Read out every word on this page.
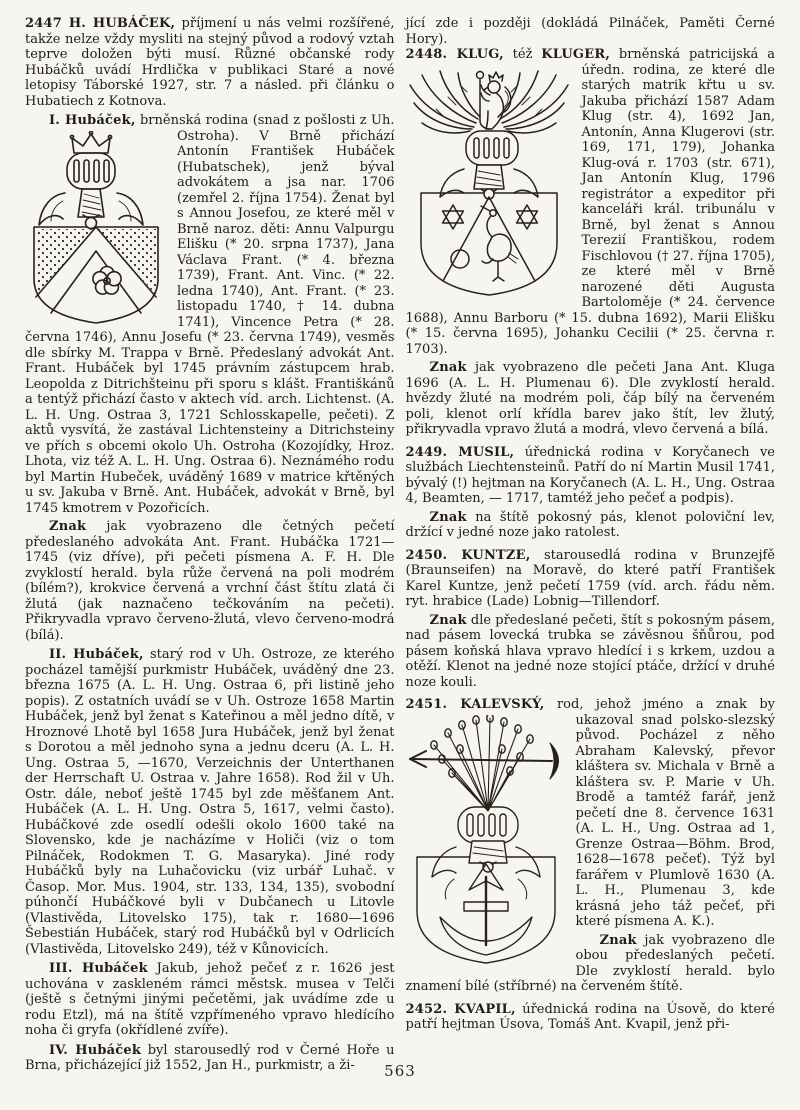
2447 H. HUBÁČEK, příjmení u nás velmi rozšířené, takže nelze vždy mysliti na stejný původ a rodový vztah teprve doložen býti musí. Různé občanské rody Hubáčků uvádí Hrdlička v publikaci Staré a nové letopisy Táborské 1927, str. 7 a násled. při článku o Hubatiech z Kotnova.

I. Hubáček, brněnská rodina (snad z pošlosti z Uh. Ostroha). V Brně přichází Antonín František Hubáček (Hubatschek), jenž býval advokátem a jsa nar. 1706 (zemřel 2. října 1754). Ženat byl s Annou Josefou, ze které měl v Brně naroz. děti: Annu Valpurgu Elišku (* 20. srpna 1737), Jana Václava Frant. (* 4. března 1739), Frant. Ant. Vinc. (* 22. ledna 1740), Ant. Frant. (* 23. listopadu 1740, † 14. dubna 1741), Vincence Petra (* 28. června 1746), Annu Josefu (* 23. června 1749), vesměs dle sbírky M. Trappa v Brně. Předeslaný advokát Ant. Frant. Hubáček byl 1745 právním zástupcem hrab. Leopolda z Ditrichšteinu při sporu s klášt. Františkánů a tentýž přichází často v aktech víd. arch. Lichtenst. (A. L. H. Ung. Ostraa 3, 1721 Schlosskapelle, pečeti). Z aktů vysvítá, že zastával Lichtensteiny a Ditrichsteiny ve přích s obcemi okolo Uh. Ostroha (Kozojídky, Hroz. Lhota, viz též A. L. H. Ung. Ostraa 6). Neznámého rodu byl Martin Hubeček, uváděný 1689 v matrice křtěných u sv. Jakuba v Brně. Ant. Hubáček, advokát v Brně, byl 1745 kmotrem v Pozořicích.

Znak jak vyobrazeno dle četných pečetí předeslaného advokáta Ant. Frant. Hubáčka 1721—1745 (viz dříve), při pečeti písmena A. F. H. Dle zvyklostí herald. byla růže červená na poli modrém (bílém?), krokvice červená a vrchní část štítu zlatá či žlutá (jak naznačeno tečkováním na pečeti). Přikryvadla vpravo červeno-žlutá, vlevo červeno-modrá (bílá).

II. Hubáček, starý rod v Uh. Ostroze, ze kterého pocházel tamější purkmistr Hubáček, uváděný dne 23. března 1675 (A. L. H. Ung. Ostraa 6, při listině jeho popis). Z ostatních uvádí se v Uh. Ostroze 1658 Martin Hubáček, jenž byl ženat s Kateřinou a měl jedno dítě, v Hroznové Lhotě byl 1658 Jura Hubáček, jenž byl ženat s Dorotou a měl jednoho syna a jednu dceru (A. L. H. Ung. Ostraa 5, —1670, Verzeichnis der Unterthanen der Herrschaft U. Ostraa v. Jahre 1658). Rod žil v Uh. Ostr. dále, neboť ještě 1745 byl zde měšťanem Ant. Hubáček (A. L. H. Ung. Ostra 5, 1617, velmi často). Hubáčkové zde osedlí odešli okolo 1600 také na Slovensko, kde je nacházíme v Holiči (viz o tom Pilnáček, Rodokmen T. G. Masaryka). Jiné rody Hubáčků byly na Luhačovicku (viz urbář Luhač. v Časop. Mor. Mus. 1904, str. 133, 134, 135), svobodní púhončí Hubáčkové byli v Dubčanech u Litovle (Vlastivěda, Litovelsko 175), tak r. 1680—1696 Šebestián Hubáček, starý rod Hubáčků byl v Odrlicích (Vlastivěda, Litovelsko 249), též v Kůnovicích.

III. Hubáček Jakub, jehož pečeť z r. 1626 jest uchována v zaskleném rámci městsk. musea v Telči (ještě s četnými jinými pečetěmi, jak uvádíme zde u rodu Etzl), má na štítě vzpřímeného vpravo hledícího noha či gryfa (okřídlené zvíře).

IV. Hubáček byl starousedlý rod v Černé Hoře u Brna, přicházející již 1552, Jan H., purkmistr, a ži-

jící zde i později (dokládá Pilnáček, Paměti Černé Hory).

2448. KLUG, též KLUGER, brněnská patricijská a
úředn. rodina, ze které dle starých matrik křtu u sv. Jakuba přichází 1587 Adam Klug (str. 4), 1692 Jan, Antonín, Anna Klugerovi (str. 169, 171, 179), Johanka Klug-ová r. 1703 (str. 671), Jan Antonín Klug, 1796 registrátor a expeditor při kanceláři král. tribunálu v Brně, byl ženat s Annou Terezií Františkou, rodem Fischlovou († 27. října 1705), ze které měl v Brně narozené děti Augusta Bartoloměje (* 24. července 1688), Annu Barboru (* 15. dubna 1692), Marii Elišku (* 15. června 1695), Johanku Cecilii (* 25. června r. 1703).

Znak jak vyobrazeno dle pečeti Jana Ant. Kluga 1696 (A. L. H. Plumenau 6). Dle zvyklostí herald. hvězdy žluté na modrém poli, čáp bílý na červeném poli, klenot orlí křídla barev jako štít, lev žlutý, přikryvadla vpravo žlutá a modrá, vlevo červená a bílá.

2449. MUSIL, úřednická rodina v Koryčanech ve službách Liechtensteinů. Patří do ní Martin Musil 1741, bývalý (!) hejtman na Koryčanech (A. L. H., Ung. Ostraa 4, Beamten, — 1717, tamtéž jeho pečeť a podpis).

Znak na štítě pokosný pás, klenot poloviční lev, držící v jedné noze jako ratolest.

2450. KUNTZE, starousedlá rodina v Brunzejfě (Braunseifen) na Moravě, do které patří František Karel Kuntze, jenž pečetí 1759 (víd. arch. řádu něm. ryt. hrabice (Lade) Lobnig—Tillendorf.

Znak dle předeslané pečeti, štít s pokosným pásem, nad pásem lovecká trubka se závěsnou šňůrou, pod pásem koňská hlava vpravo hledící i s krkem, uzdou a otěží. Klenot na jedné noze stojící ptáče, držící v druhé noze kouli.

2451. KALEVSKÝ, rod, jehož jméno a znak by
ukazoval snad polsko-slezský původ. Pocházel z něho Abraham Kalevský, převor kláštera sv. Michala v Brně a kláštera sv. P. Marie v Uh. Brodě a tamtéž farář, jenž pečetí dne 8. července 1631 (A. L. H., Ung. Ostraa ad 1, Grenze Ostraa—Böhm. Brod, 1628—1678 pečeť). Týž byl farářem v Plumlově 1630 (A. L. H., Plumenau 3, kde krásná jeho táž pečeť, při které písmena A. K.).

Znak jak vyobrazeno dle obou předeslaných pečetí. Dle zvyklostí herald. bylo znamení bílé (stříbrné) na červeném štítě.

2452. KVAPIL, úřednická rodina na Úsově, do které patří hejtman Úsova, Tomáš Ant. Kvapil, jenž při-

563
